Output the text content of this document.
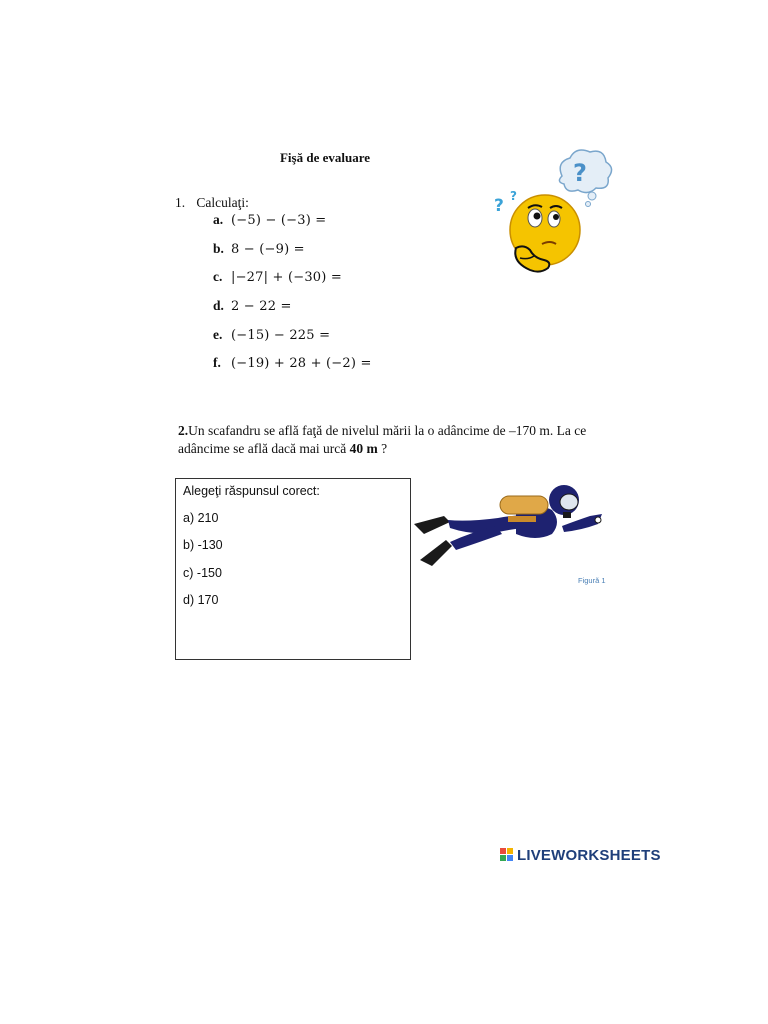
Fişă de evaluare
1. Calculaţi:
a. (−5) − (−3) =
b. 8 − (−9) =
c. |−27| + (−30) =
d. 2 − 22 =
e. (−15) − 225 =
f. (−19) + 28 + (−2) =
?
? ?
2.Un scafandru se află faţă de nivelul mării la o adâncime de –170 m. La ce adâncime se află dacă mai urcă 40 m ?
Alegeţi răspunsul corect:
a) 210
b) -130
c) -150
d) 170
Figură 1
LIVEWORKSHEETS
